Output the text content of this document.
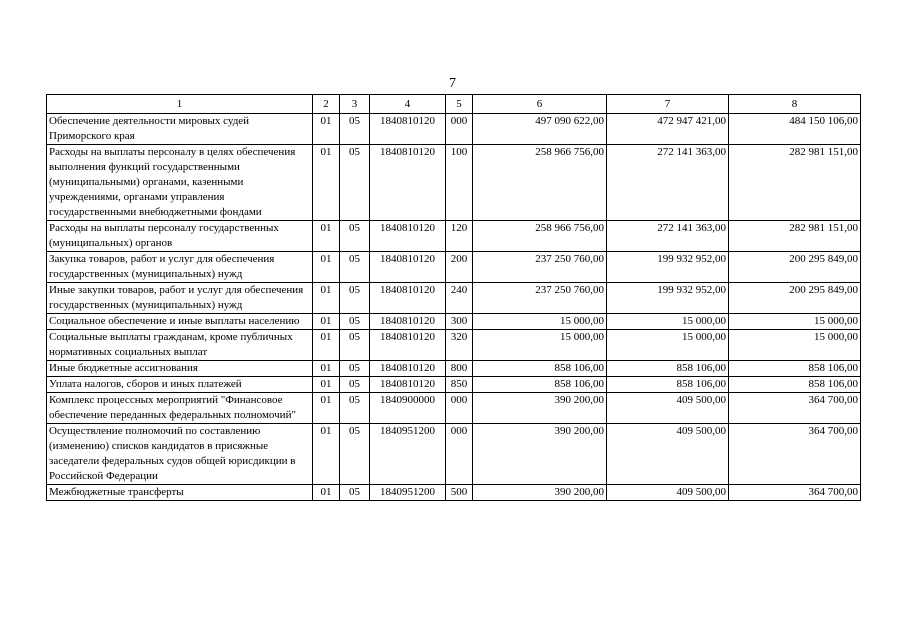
7
1	2	3	4	5	6	7	8
Обеспечение деятельности мировых судей Приморского края	01	05	1840810120	000	497 090 622,00	472 947 421,00	484 150 106,00
Расходы на выплаты персоналу в целях обеспечения выполнения функций государственными (муниципальными) органами, казенными учреждениями, органами управления государственными внебюджетными фондами	01	05	1840810120	100	258 966 756,00	272 141 363,00	282 981 151,00
Расходы на выплаты персоналу государственных (муниципальных) органов	01	05	1840810120	120	258 966 756,00	272 141 363,00	282 981 151,00
Закупка товаров, работ и услуг для обеспечения государственных (муниципальных) нужд	01	05	1840810120	200	237 250 760,00	199 932 952,00	200 295 849,00
Иные закупки товаров, работ и услуг для обеспечения государственных (муниципальных) нужд	01	05	1840810120	240	237 250 760,00	199 932 952,00	200 295 849,00
Социальное обеспечение и иные выплаты населению	01	05	1840810120	300	15 000,00	15 000,00	15 000,00
Социальные выплаты гражданам, кроме публичных нормативных социальных выплат	01	05	1840810120	320	15 000,00	15 000,00	15 000,00
Иные бюджетные ассигнования	01	05	1840810120	800	858 106,00	858 106,00	858 106,00
Уплата налогов, сборов и иных платежей	01	05	1840810120	850	858 106,00	858 106,00	858 106,00
Комплекс процессных мероприятий "Финансовое обеспечение переданных федеральных полномочий"	01	05	1840900000	000	390 200,00	409 500,00	364 700,00
Осуществление полномочий по составлению (изменению) списков кандидатов в присяжные заседатели федеральных судов общей юрисдикции в Российской Федерации	01	05	1840951200	000	390 200,00	409 500,00	364 700,00
Межбюджетные трансферты	01	05	1840951200	500	390 200,00	409 500,00	364 700,00
